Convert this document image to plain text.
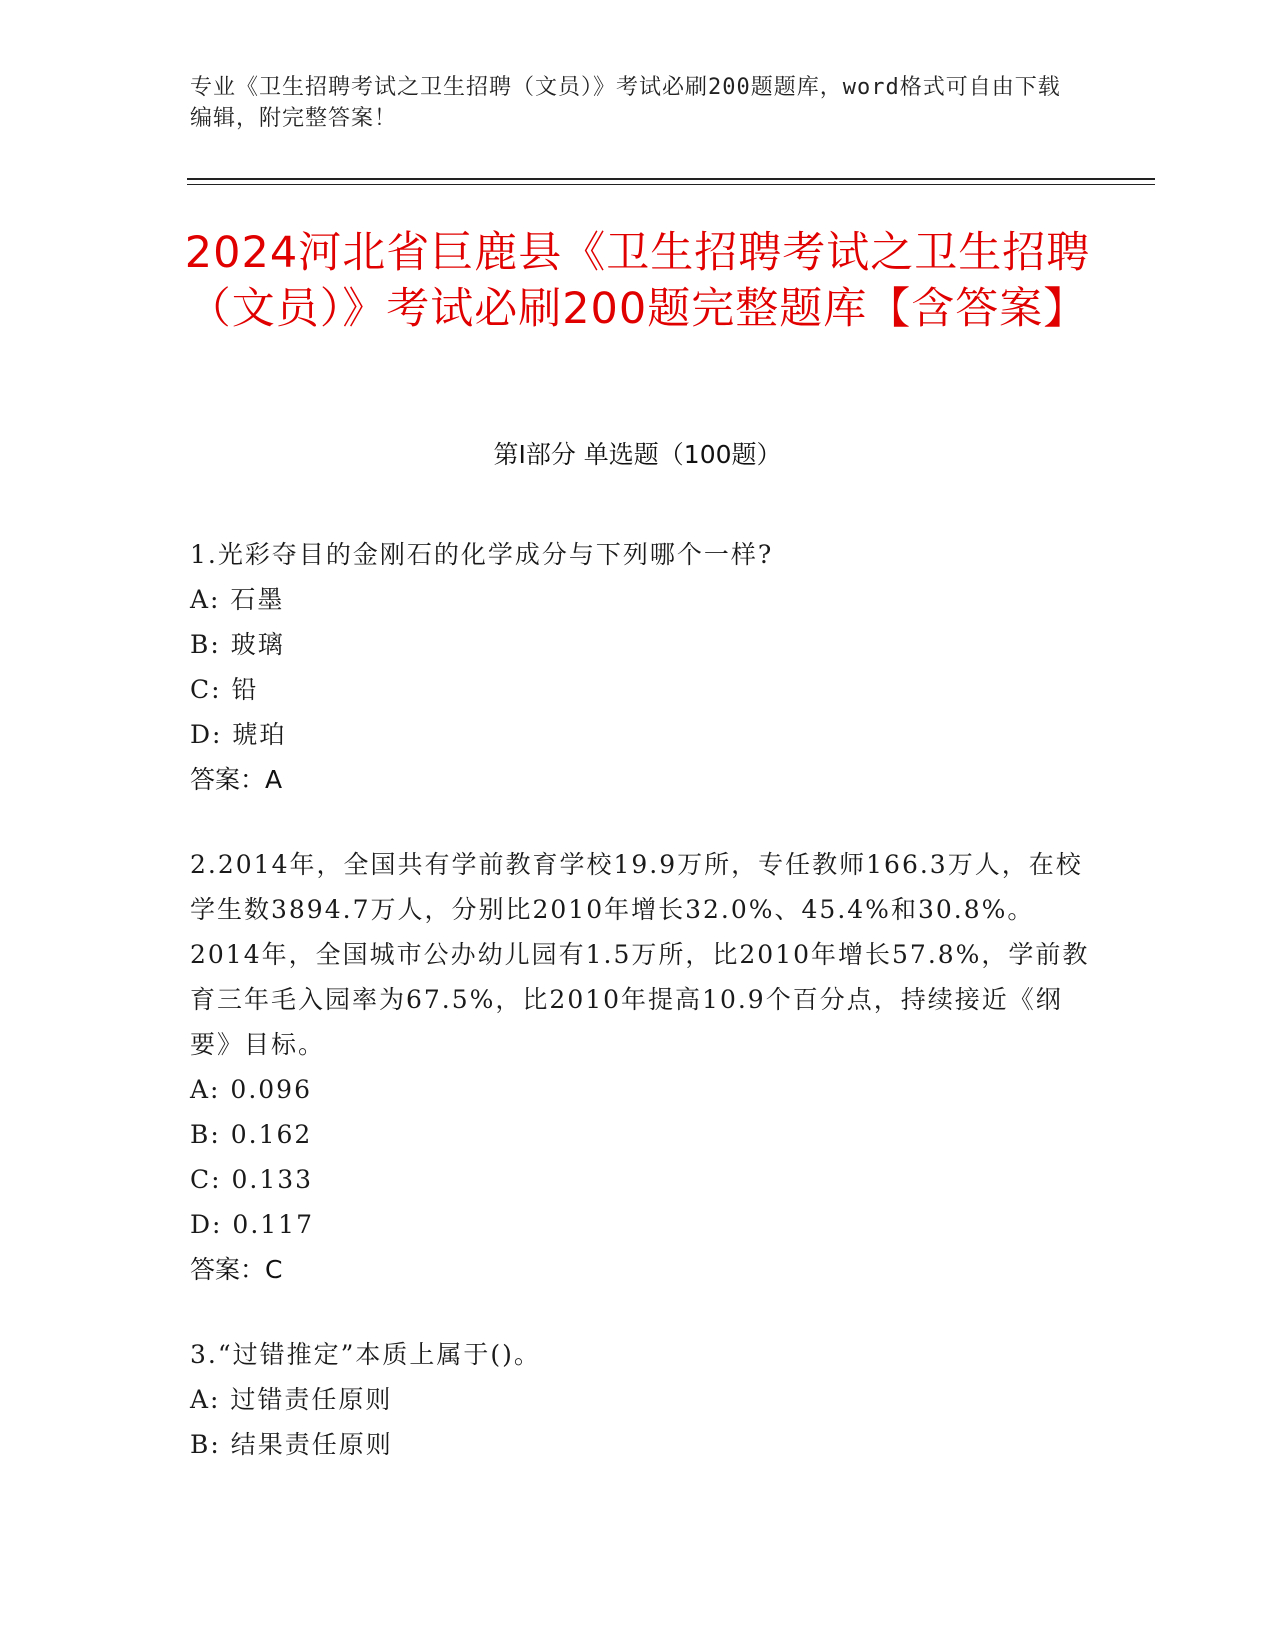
专业《卫生招聘考试之卫生招聘（文员）》考试必刷200题题库，word格式可自由下载编辑，附完整答案！
2024河北省巨鹿县《卫生招聘考试之卫生招聘（文员）》考试必刷200题完整题库【含答案】
第Ⅰ部分 单选题（100题）

1.光彩夺目的金刚石的化学成分与下列哪个一样?

A: 石墨

B: 玻璃

C: 铅

D: 琥珀

答案：A

2.2014年，全国共有学前教育学校19.9万所，专任教师166.3万人，在校学生数3894.7万人，分别比2010年增长32.0%、45.4%和30.8%。2014年，全国城市公办幼儿园有1.5万所，比2010年增长57.8%，学前教育三年毛入园率为67.5%，比2010年提高10.9个百分点，持续接近《纲要》目标。

A: 0.096

B: 0.162

C: 0.133

D: 0.117

答案：C

3.“过错推定”本质上属于()。

A: 过错责任原则

B: 结果责任原则
